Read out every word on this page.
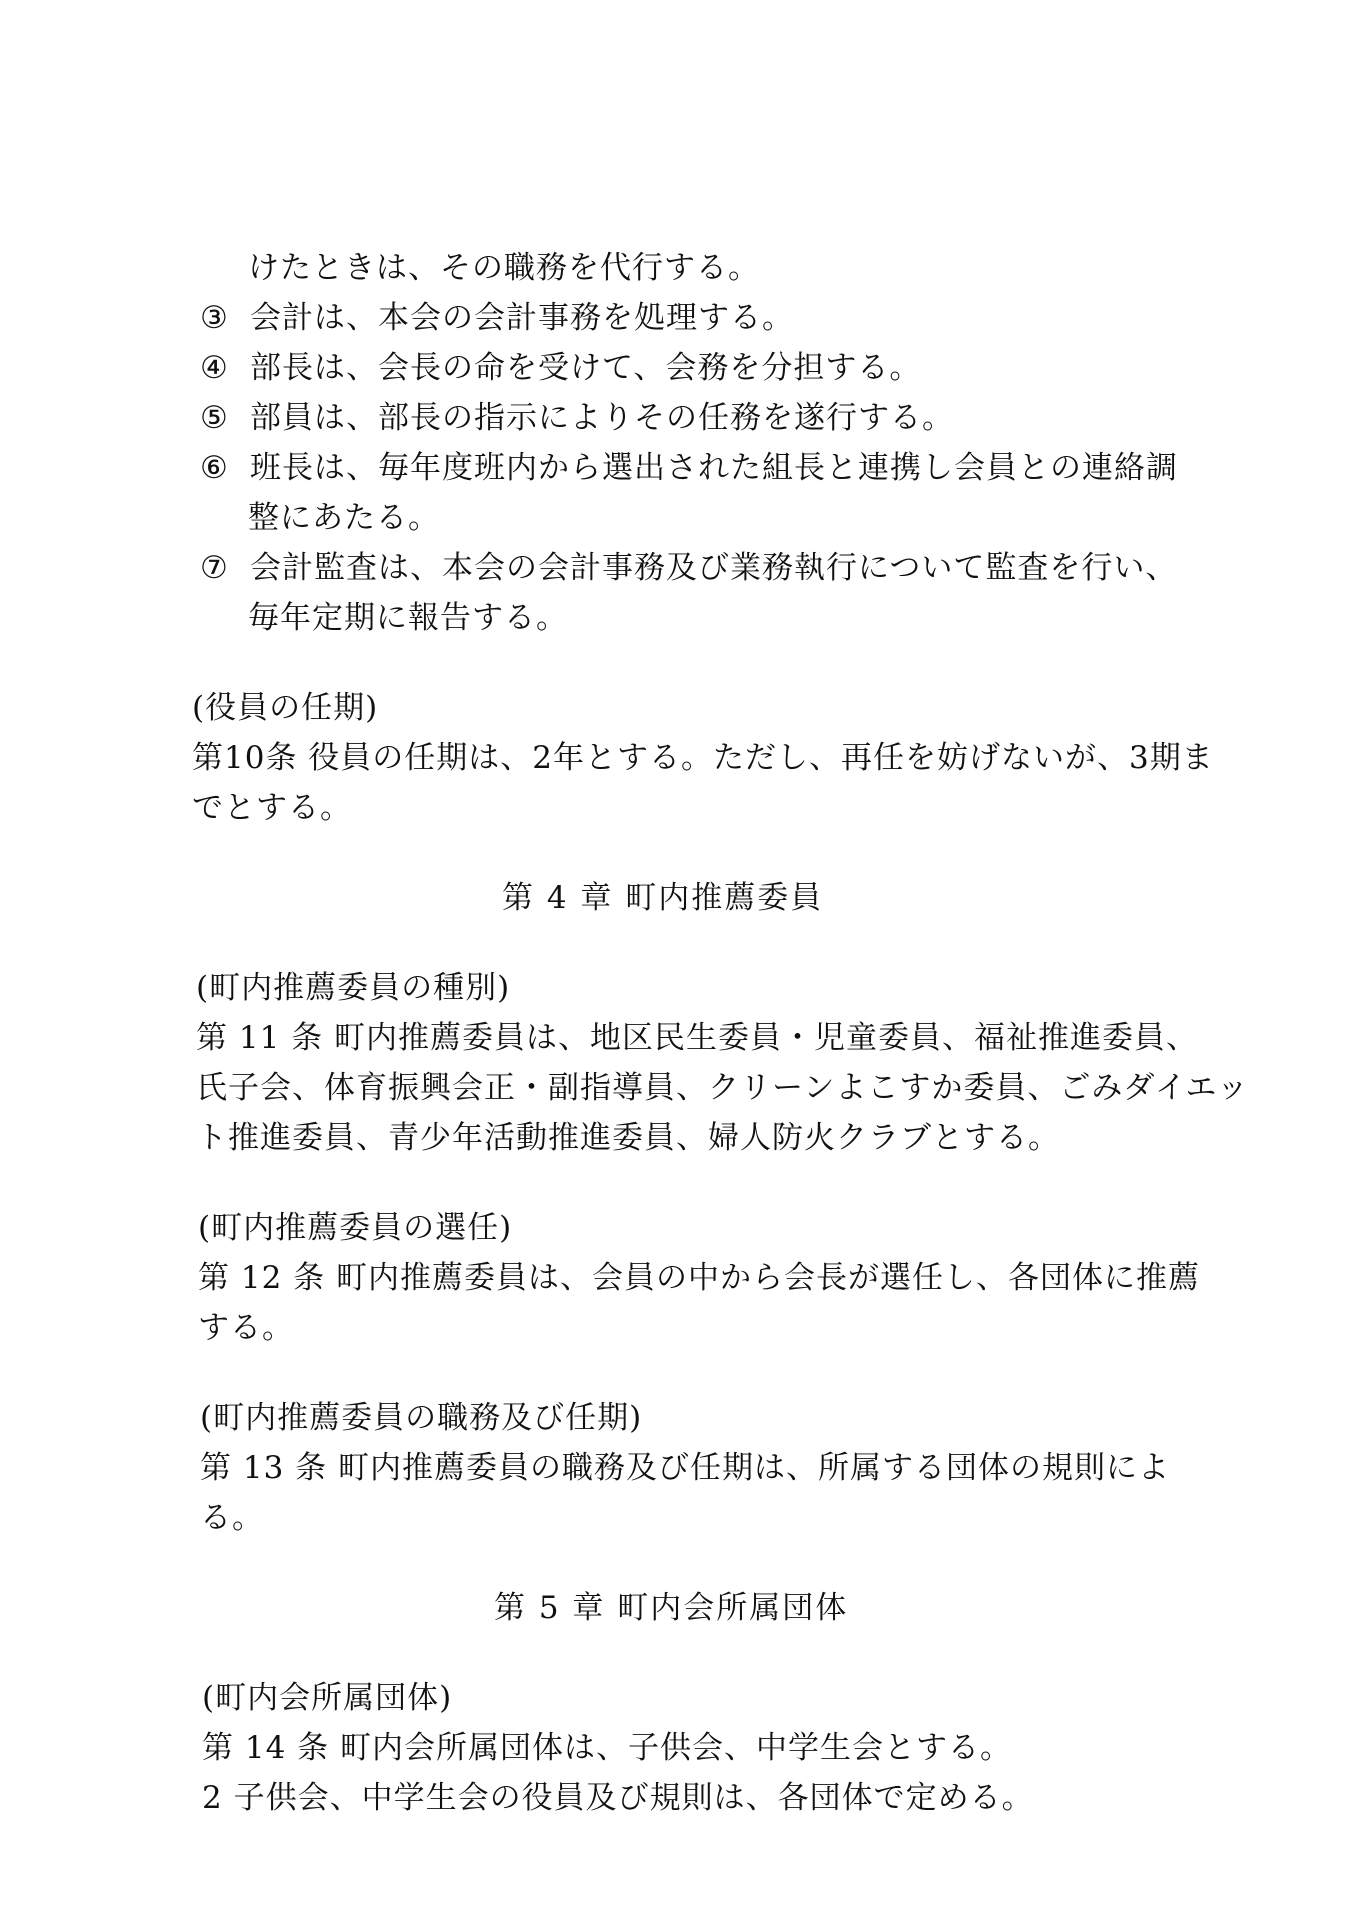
けたときは、その職務を代行する。
③ 会計は、本会の会計事務を処理する。
④ 部長は、会長の命を受けて、会務を分担する。
⑤ 部員は、部長の指示によりその任務を遂行する。
⑥ 班長は、毎年度班内から選出された組長と連携し会員との連絡調
整にあたる。
⑦ 会計監査は、本会の会計事務及び業務執行について監査を行い、
毎年定期に報告する。
(役員の任期)
第10条 役員の任期は、2年とする。ただし、再任を妨げないが、3期ま
でとする。
第 4 章 町内推薦委員
(町内推薦委員の種別)
第 11 条 町内推薦委員は、地区民生委員・児童委員、福祉推進委員、
氏子会、体育振興会正・副指導員、クリーンよこすか委員、ごみダイエッ
ト推進委員、青少年活動推進委員、婦人防火クラブとする。
(町内推薦委員の選任)
第 12 条 町内推薦委員は、会員の中から会長が選任し、各団体に推薦
する。
(町内推薦委員の職務及び任期)
第 13 条 町内推薦委員の職務及び任期は、所属する団体の規則によ
る。
第 5 章 町内会所属団体
(町内会所属団体)
第 14 条 町内会所属団体は、子供会、中学生会とする。
2 子供会、中学生会の役員及び規則は、各団体で定める。
